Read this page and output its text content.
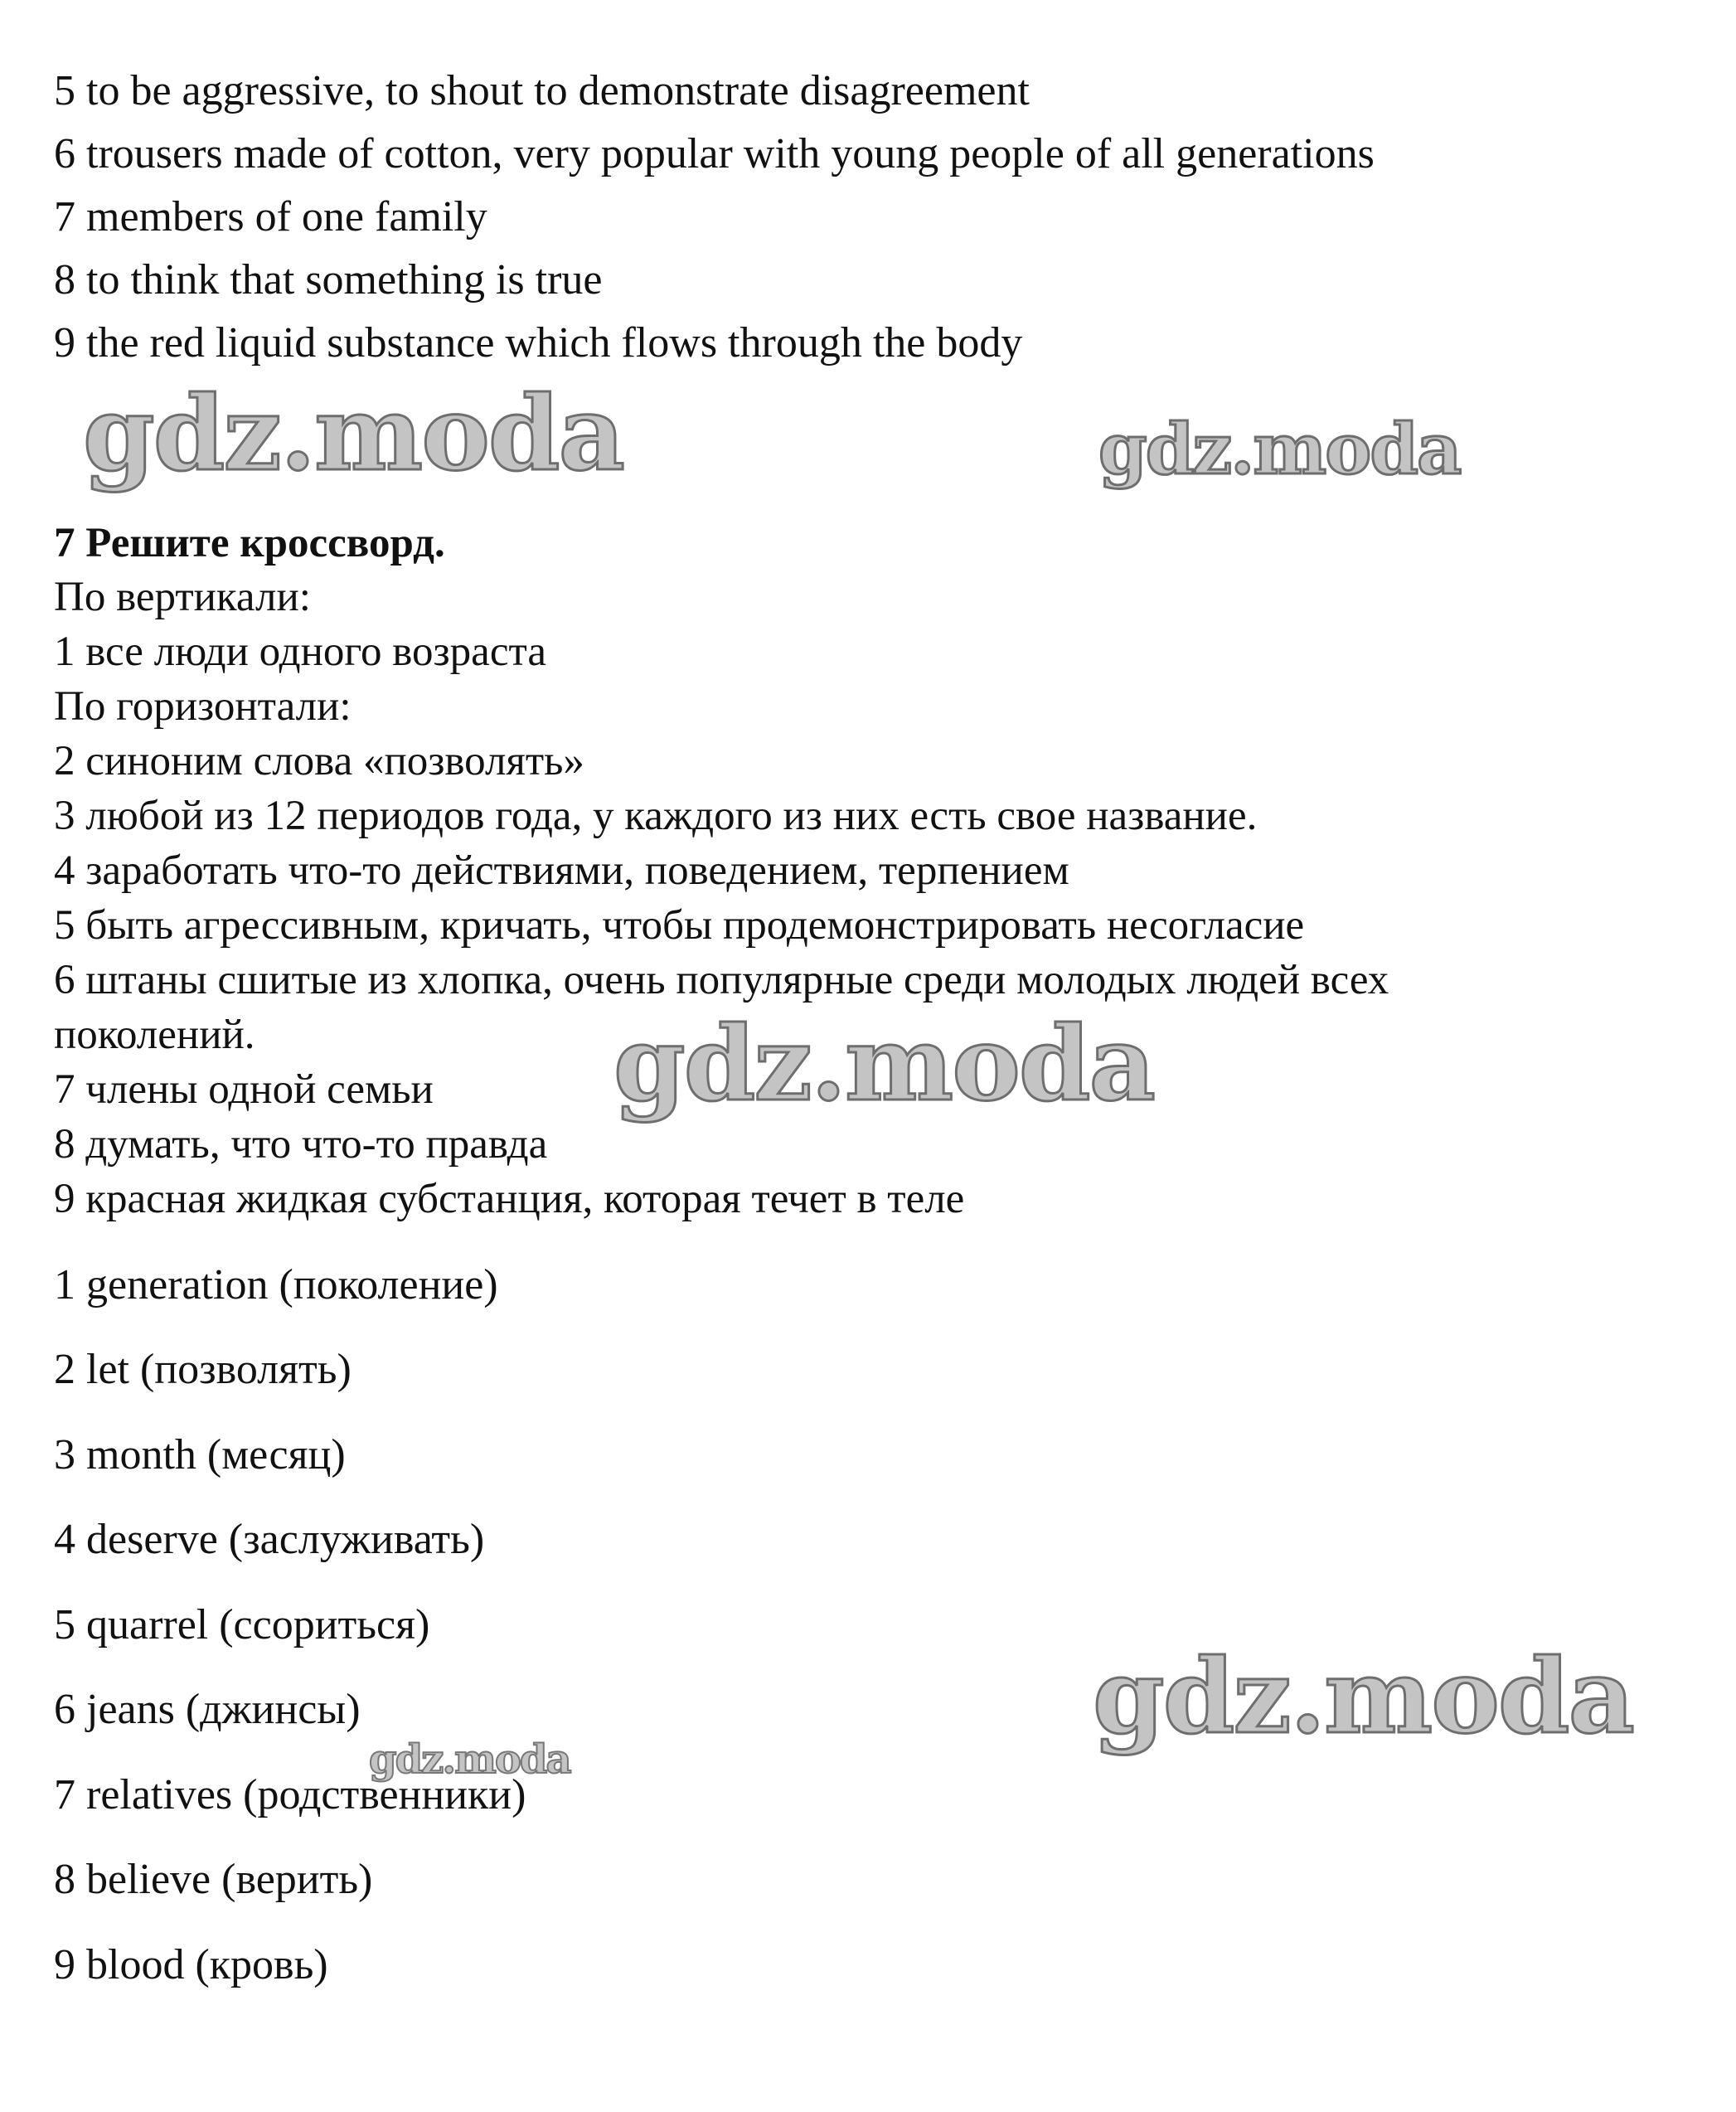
5 to be aggressive, to shout to demonstrate disagreement

6 trousers made of cotton, very popular with young people of all generations

7 members of one family

8 to think that something is true

9 the red liquid substance which flows through the body

7 Решите кроссворд.

По вертикали:

1 все люди одного возраста

По горизонтали:

2 синоним слова «позволять»

3 любой из 12 периодов года, у каждого из них есть свое название.

4 заработать что-то действиями, поведением, терпением

5 быть агрессивным, кричать, чтобы продемонстрировать несогласие

6 штаны сшитые из хлопка, очень популярные среди молодых людей всех

поколений.

7 члены одной семьи

8 думать, что что-то правда

9 красная жидкая субстанция, которая течет в теле

1 generation (поколение)

2 let (позволять)

3 month (месяц)

4 deserve (заслуживать)

5 quarrel (ссориться)

6 jeans (джинсы)

7 relatives (родственники)

8 believe (верить)

9 blood (кровь)

gdz.moda	gdz.moda
gdz.moda
gdz.moda
gdz.moda
